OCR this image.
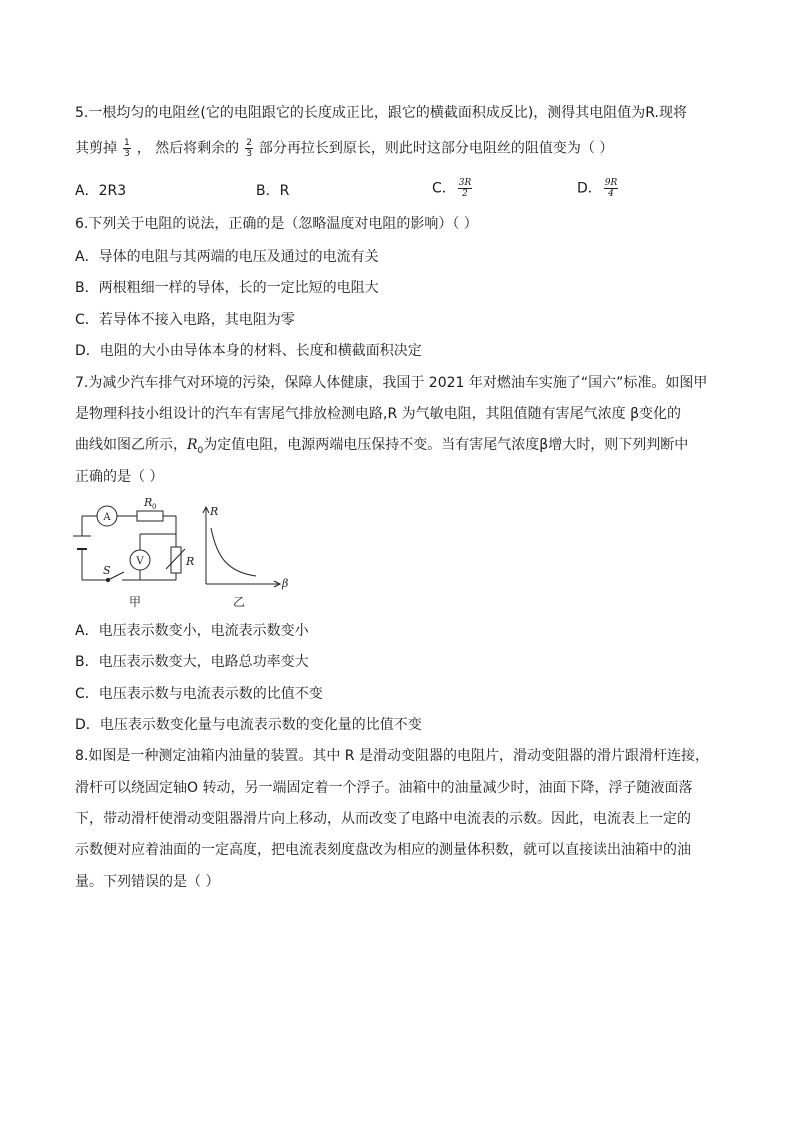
5.一根均匀的电阻丝(它的电阻跟它的长度成正比，跟它的横截面积成反比)，测得其电阻值为R.现将
其剪掉 $\frac{1}{3}$ ， 然后将剩余的 $\frac{2}{3}$ 部分再拉长到原长，则此时这部分电阻丝的阻值变为（ ）
A．2R3	B．R	C． $\frac{3R}{2}$	D． $\frac{9R}{4}$
6.下列关于电阻的说法，正确的是（忽略温度对电阻的影响）（ ）
A．导体的电阻与其两端的电压及通过的电流有关
B．两根粗细一样的导体，长的一定比短的电阻大
C．若导体不接入电路，其电阻为零
D．电阻的大小由导体本身的材料、长度和横截面积决定
7.为减少汽车排气对环境的污染，保障人体健康，我国于 2021 年对燃油车实施了“国六”标准。如图甲
是物理科技小组设计的汽车有害尾气排放检测电路,R 为气敏电阻，其阻值随有害尾气浓度 β变化的
曲线如图乙所示，$R_0$为定值电阻，电源两端电压保持不变。当有害尾气浓度β增大时，则下列判断中
正确的是（ ）
A
V
R 0
R
S
R
β
甲	乙
A．电压表示数变小，电流表示数变小
B．电压表示数变大，电路总功率变大
C．电压表示数与电流表示数的比值不变
D．电压表示数变化量与电流表示数的变化量的比值不变
8.如图是一种测定油箱内油量的装置。其中 R 是滑动变阻器的电阻片，滑动变阻器的滑片跟滑杆连接，
滑杆可以绕固定轴O 转动，另一端固定着一个浮子。油箱中的油量减少时，油面下降，浮子随液面落
下，带动滑杆使滑动变阻器滑片向上移动，从而改变了电路中电流表的示数。因此，电流表上一定的
示数便对应着油面的一定高度，把电流表刻度盘改为相应的测量体积数，就可以直接读出油箱中的油
量。下列错误的是（ ）
